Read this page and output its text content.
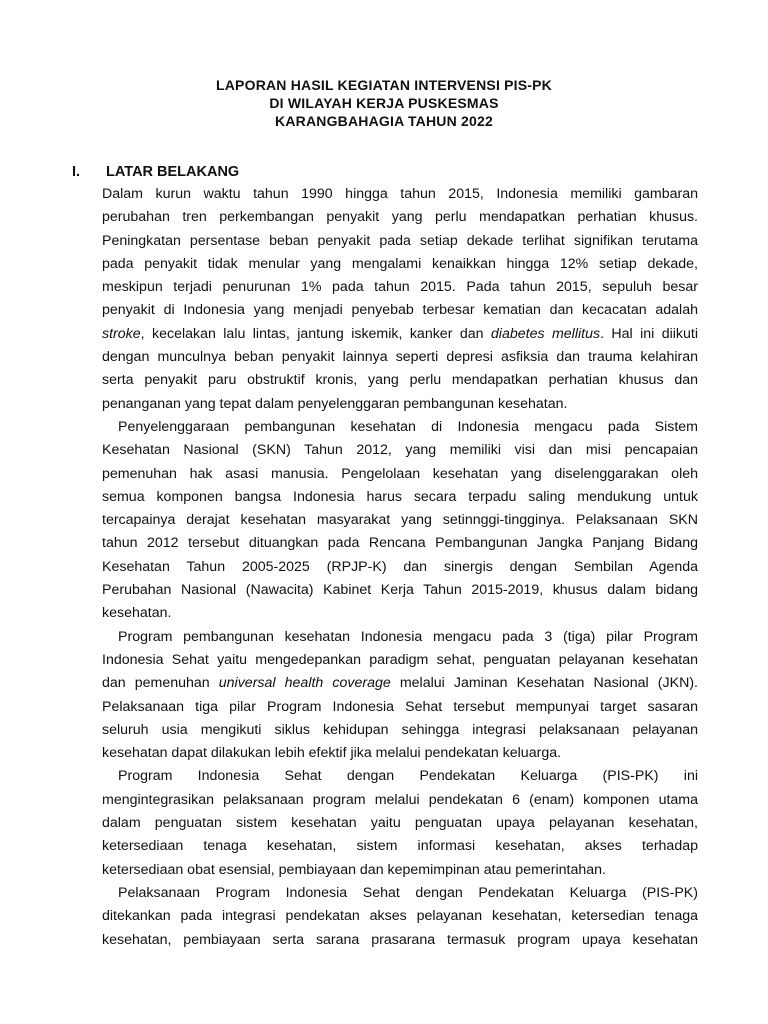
LAPORAN HASIL KEGIATAN INTERVENSI PIS-PK
DI WILAYAH KERJA PUSKESMAS
KARANGBAHAGIA TAHUN 2022
I. LATAR BELAKANG
Dalam kurun waktu tahun 1990 hingga tahun 2015, Indonesia memiliki gambaran
perubahan tren perkembangan penyakit yang perlu mendapatkan perhatian khusus.
Peningkatan persentase beban penyakit pada setiap dekade terlihat signifikan terutama
pada penyakit tidak menular yang mengalami kenaikkan hingga 12% setiap dekade,
meskipun terjadi penurunan 1% pada tahun 2015. Pada tahun 2015, sepuluh besar
penyakit di Indonesia yang menjadi penyebab terbesar kematian dan kecacatan adalah
stroke, kecelakan lalu lintas, jantung iskemik, kanker dan diabetes mellitus. Hal ini diikuti
dengan munculnya beban penyakit lainnya seperti depresi asfiksia dan trauma kelahiran
serta penyakit paru obstruktif kronis, yang perlu mendapatkan perhatian khusus dan
penanganan yang tepat dalam penyelenggaran pembangunan kesehatan.
Penyelenggaraan pembangunan kesehatan di Indonesia mengacu pada Sistem
Kesehatan Nasional (SKN) Tahun 2012, yang memiliki visi dan misi pencapaian
pemenuhan hak asasi manusia. Pengelolaan kesehatan yang diselenggarakan oleh
semua komponen bangsa Indonesia harus secara terpadu saling mendukung untuk
tercapainya derajat kesehatan masyarakat yang setinnggi-tingginya. Pelaksanaan SKN
tahun 2012 tersebut dituangkan pada Rencana Pembangunan Jangka Panjang Bidang
Kesehatan Tahun 2005-2025 (RPJP-K) dan sinergis dengan Sembilan Agenda
Perubahan Nasional (Nawacita) Kabinet Kerja Tahun 2015-2019, khusus dalam bidang
kesehatan.
Program pembangunan kesehatan Indonesia mengacu pada 3 (tiga) pilar Program
Indonesia Sehat yaitu mengedepankan paradigm sehat, penguatan pelayanan kesehatan
dan pemenuhan universal health coverage melalui Jaminan Kesehatan Nasional (JKN).
Pelaksanaan tiga pilar Program Indonesia Sehat tersebut mempunyai target sasaran
seluruh usia mengikuti siklus kehidupan sehingga integrasi pelaksanaan pelayanan
kesehatan dapat dilakukan lebih efektif jika melalui pendekatan keluarga.
Program Indonesia Sehat dengan Pendekatan Keluarga (PIS-PK) ini
mengintegrasikan pelaksanaan program melalui pendekatan 6 (enam) komponen utama
dalam penguatan sistem kesehatan yaitu penguatan upaya pelayanan kesehatan,
ketersediaan tenaga kesehatan, sistem informasi kesehatan, akses terhadap
ketersediaan obat esensial, pembiayaan dan kepemimpinan atau pemerintahan.
Pelaksanaan Program Indonesia Sehat dengan Pendekatan Keluarga (PIS-PK)
ditekankan pada integrasi pendekatan akses pelayanan kesehatan, ketersedian tenaga
kesehatan, pembiayaan serta sarana prasarana termasuk program upaya kesehatan
